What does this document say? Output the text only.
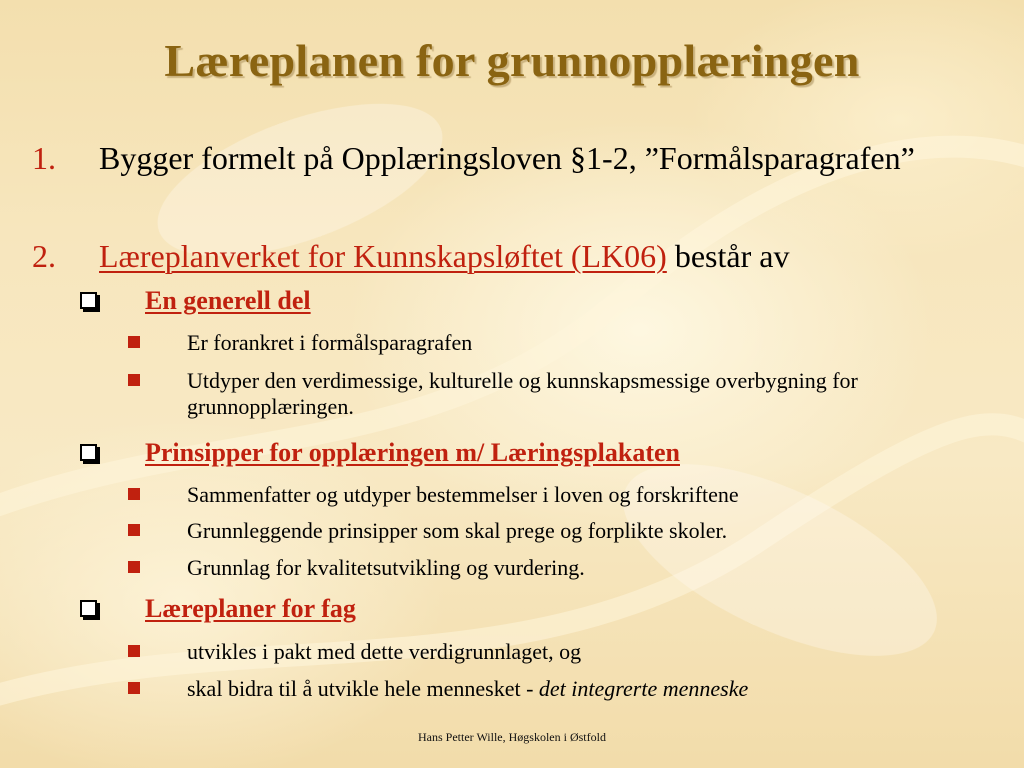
Læreplanen for grunnopplæringen
1. Bygger formelt på Opplæringsloven §1-2, ”Formålsparagrafen”
2. Læreplanverket for Kunnskapsløftet (LK06) består av
En generell del
Er forankret i formålsparagrafen
Utdyper den verdimessige, kulturelle og kunnskapsmessige overbygning for grunnopplæringen.
Prinsipper for opplæringen m/ Læringsplakaten
Sammenfatter og utdyper bestemmelser i loven og forskriftene
Grunnleggende prinsipper som skal prege og forplikte skoler.
Grunnlag for kvalitetsutvikling og vurdering.
Læreplaner for fag
utvikles i pakt med dette verdigrunnlaget, og
skal bidra til å utvikle hele mennesket - det integrerte menneske
Hans Petter Wille, Høgskolen i Østfold
